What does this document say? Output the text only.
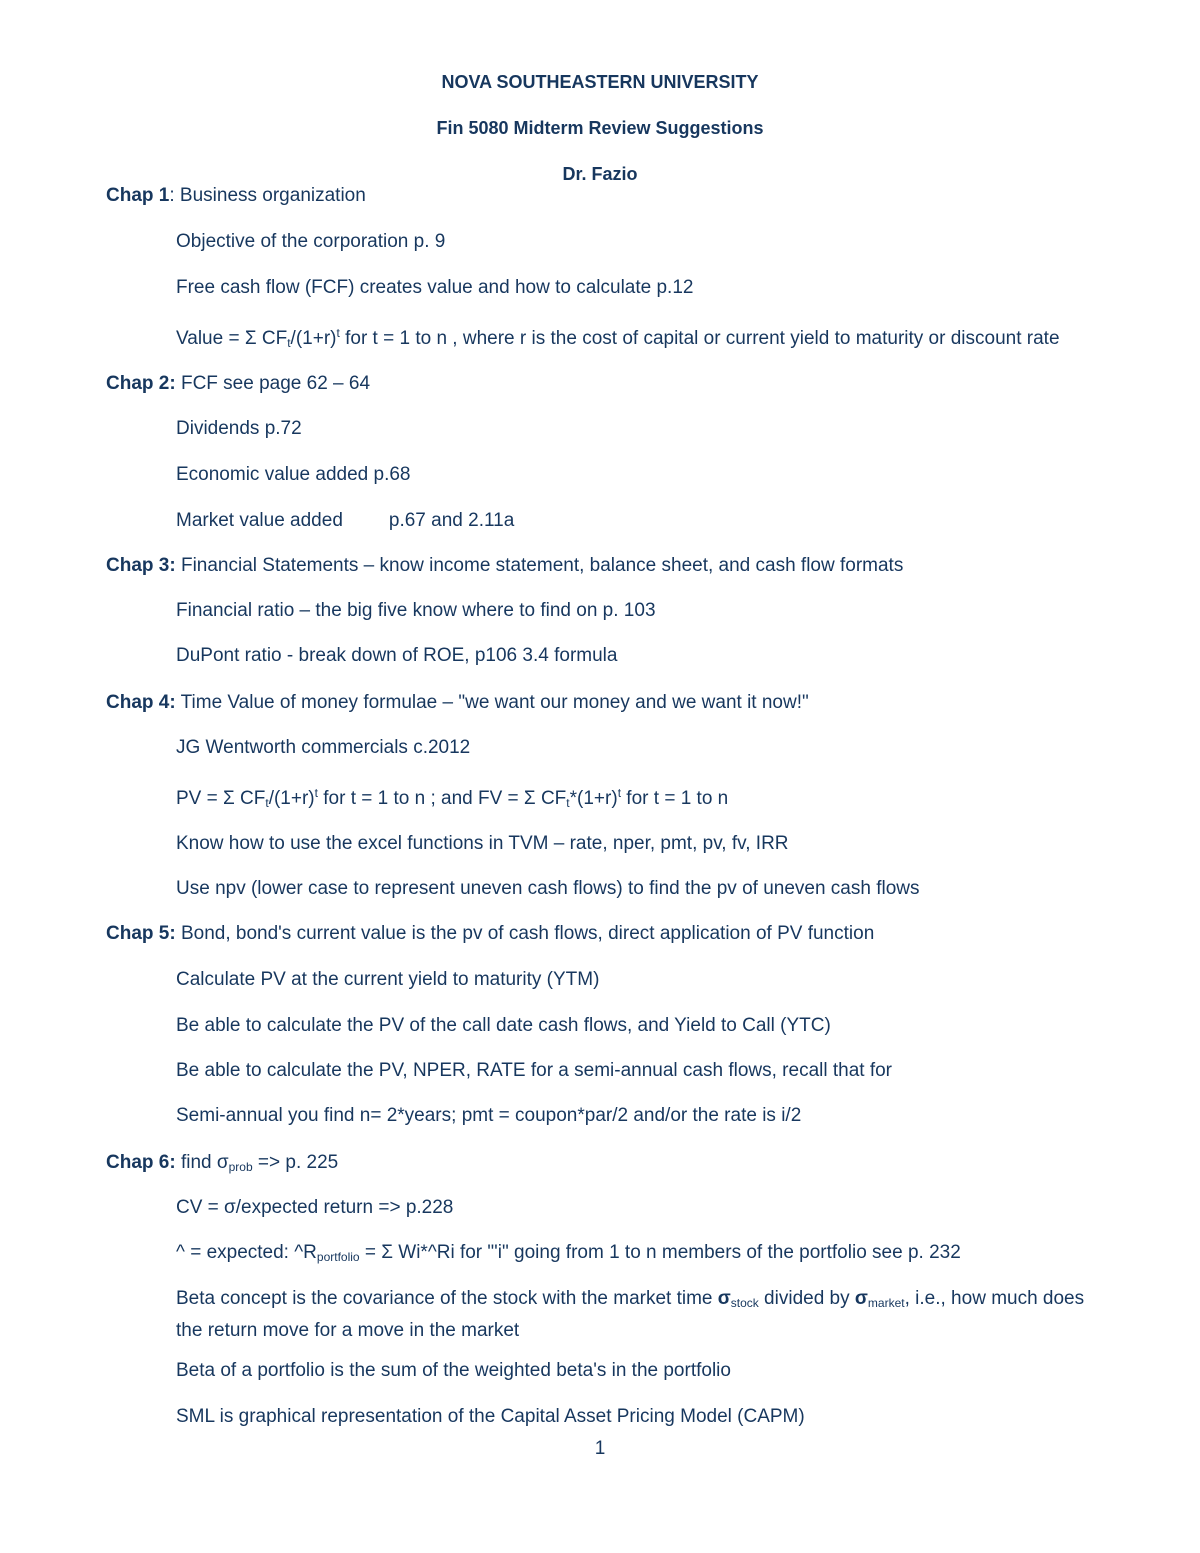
NOVA SOUTHEASTERN UNIVERSITY
Fin 5080 Midterm Review Suggestions
Dr. Fazio
Chap 1: Business organization
Objective of the corporation p. 9
Free cash flow (FCF) creates value and how to calculate p.12
Value = Σ $CF_t/(1+r)^t$ for t = 1 to n , where r is the cost of capital or current yield to maturity or discount rate
Chap 2: FCF see page 62 – 64
Dividends p.72
Economic value added p.68
Market value added p.67 and 2.11a
Chap 3: Financial Statements – know income statement, balance sheet, and cash flow formats
Financial ratio – the big five know where to find on p. 103
DuPont ratio - break down of ROE, p106 3.4 formula
Chap 4: Time Value of money formulae – "we want our money and we want it now!"
JG Wentworth commercials c.2012
PV = Σ $CF_t/(1+r)^t$ for t = 1 to n ; and FV = Σ $CF_t*(1+r)^t$ for t = 1 to n
Know how to use the excel functions in TVM – rate, nper, pmt, pv, fv, IRR
Use npv (lower case to represent uneven cash flows) to find the pv of uneven cash flows
Chap 5: Bond, bond's current value is the pv of cash flows, direct application of PV function
Calculate PV at the current yield to maturity (YTM)
Be able to calculate the PV of the call date cash flows, and Yield to Call (YTC)
Be able to calculate the PV, NPER, RATE for a semi-annual cash flows, recall that for
Semi-annual you find n= 2*years; pmt = coupon*par/2 and/or the rate is i/2
Chap 6: find $\sigma_{prob} => p$. 225
CV = σ/expected return => p.228
^ = expected: $\^{}R_{portfolio} = \Sigma$ Wi*^Ri for "'i" going from 1 to n members of the portfolio see p. 232
Beta concept is the covariance of the stock with the market time $\sigma_{stock}$ divided by $\sigma_{market}$, i.e., how much does the return move for a move in the market
Beta of a portfolio is the sum of the weighted beta's in the portfolio
SML is graphical representation of the Capital Asset Pricing Model (CAPM)
1
